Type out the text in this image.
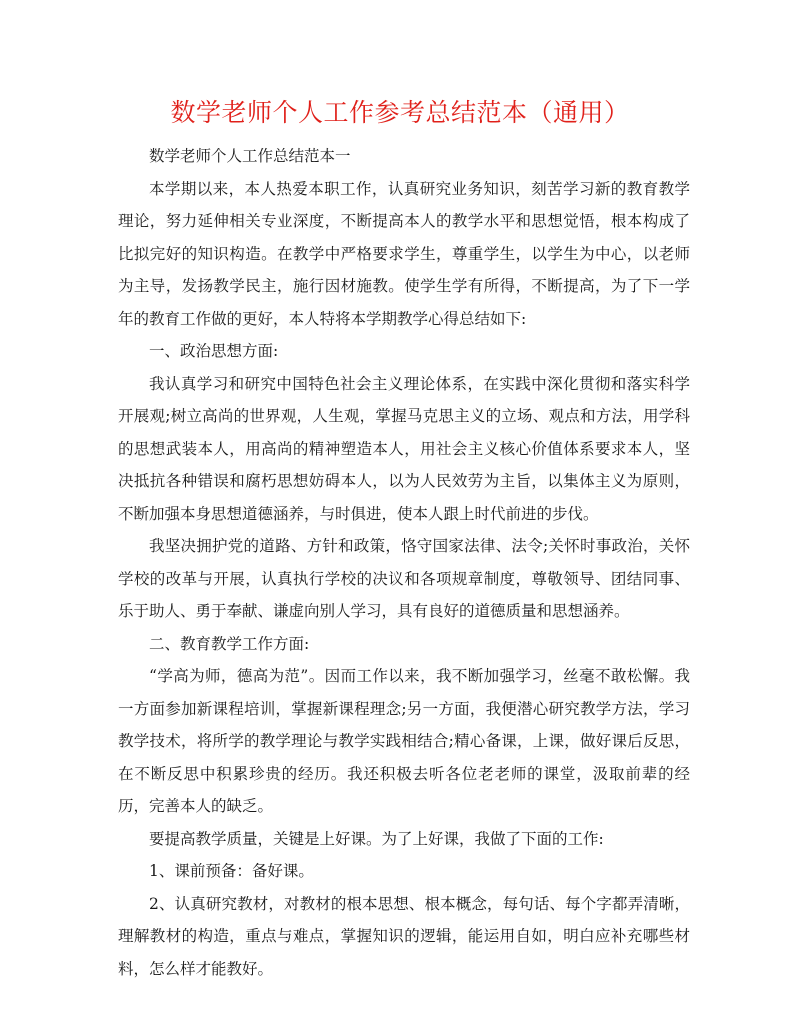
数学老师个人工作参考总结范本（通用）

数学老师个人工作总结范本一

本学期以来，本人热爱本职工作，认真研究业务知识，刻苦学习新的教育教学理论，努力延伸相关专业深度，不断提高本人的教学水平和思想觉悟，根本构成了比拟完好的知识构造。在教学中严格要求学生，尊重学生，以学生为中心，以老师为主导，发扬教学民主，施行因材施教。使学生学有所得，不断提高，为了下一学年的教育工作做的更好，本人特将本学期教学心得总结如下:

一、政治思想方面:

我认真学习和研究中国特色社会主义理论体系，在实践中深化贯彻和落实科学开展观;树立高尚的世界观，人生观，掌握马克思主义的立场、观点和方法，用学科的思想武装本人，用高尚的精神塑造本人，用社会主义核心价值体系要求本人，坚决抵抗各种错误和腐朽思想妨碍本人，以为人民效劳为主旨，以集体主义为原则，不断加强本身思想道德涵养，与时俱进，使本人跟上时代前进的步伐。

我坚决拥护党的道路、方针和政策，恪守国家法律、法令;关怀时事政治，关怀学校的改革与开展，认真执行学校的决议和各项规章制度，尊敬领导、团结同事、乐于助人、勇于奉献、谦虚向别人学习，具有良好的道德质量和思想涵养。

二、教育教学工作方面:

“学高为师，德高为范”。因而工作以来，我不断加强学习，丝毫不敢松懈。我一方面参加新课程培训，掌握新课程理念;另一方面，我便潜心研究教学方法，学习教学技术，将所学的教学理论与教学实践相结合;精心备课，上课，做好课后反思，在不断反思中积累珍贵的经历。我还积极去听各位老老师的课堂，汲取前辈的经历，完善本人的缺乏。

要提高教学质量，关键是上好课。为了上好课，我做了下面的工作:

1、课前预备：备好课。

2、认真研究教材，对教材的根本思想、根本概念，每句话、每个字都弄清晰，理解教材的构造，重点与难点，掌握知识的逻辑，能运用自如，明白应补充哪些材料，怎么样才能教好。
